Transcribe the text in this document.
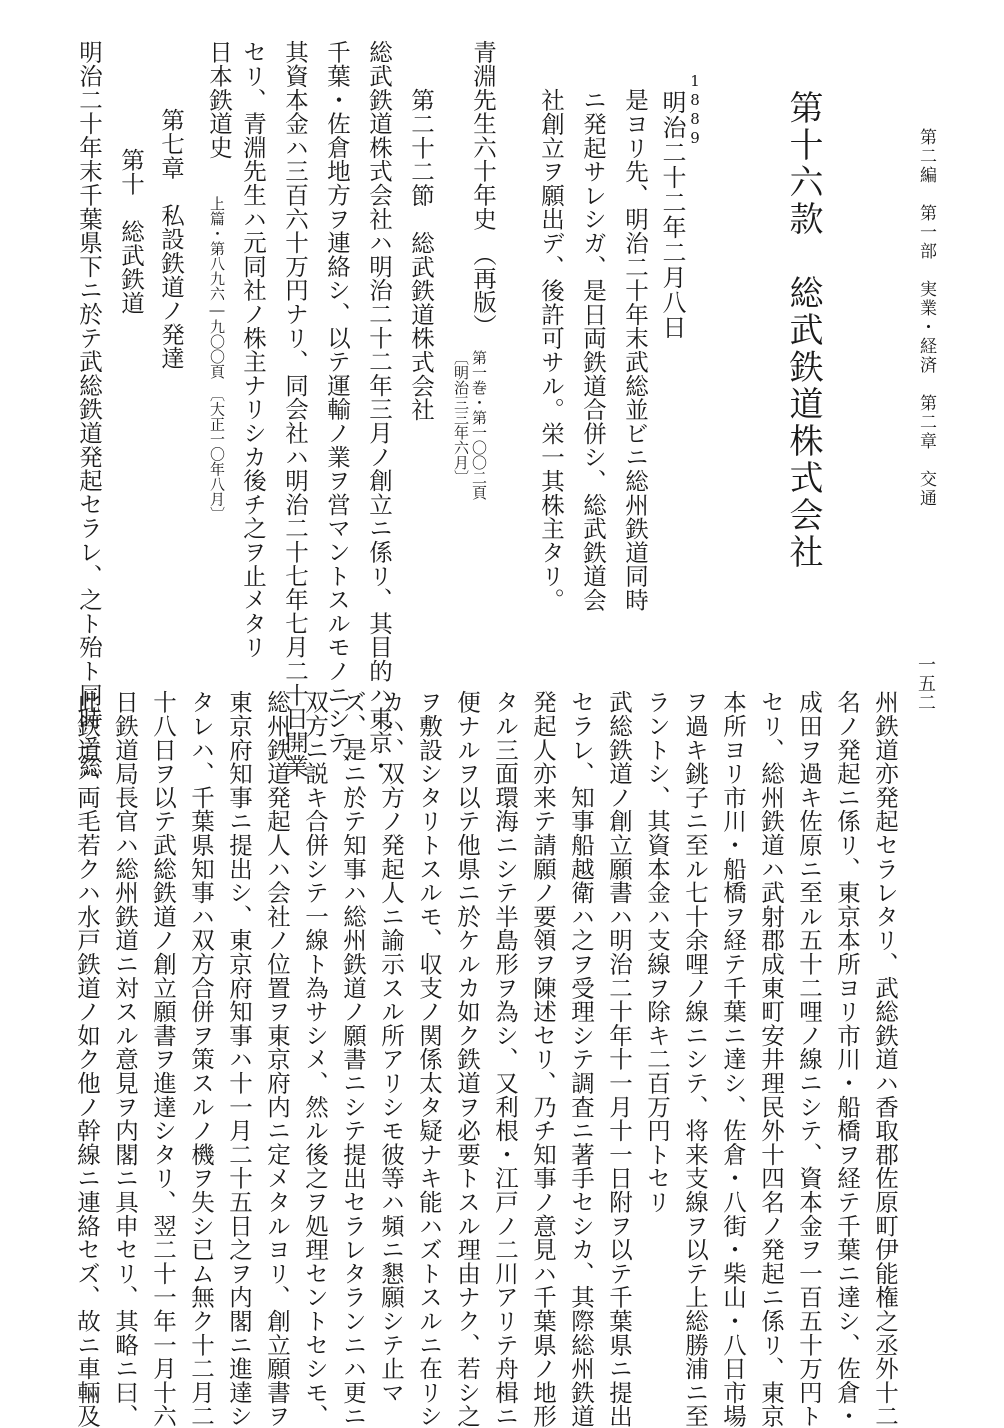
第二編　第一部　実業・経済　第二章　交通
一五二
第十六款　総武鉄道株式会社
1889
明治二十二年二月八日
是ヨリ先、明治二十年末武総並ビニ総州鉄道同時
ニ発起サレシガ、是日両鉄道合併シ、総武鉄道会
社創立ヲ願出デ、後許可サル。栄一其株主タリ。
青淵先生六十年史　（再版）
第一巻・第一〇〇二頁
〔明治三三年六月〕
第二十二節　総武鉄道株式会社
総武鉄道株式会社ハ明治二十二年三月ノ創立ニ係リ、其目的ハ東京・
千葉・佐倉地方ヲ連絡シ、以テ運輸ノ業ヲ営マントスルモノニシテ、
其資本金ハ三百六十万円ナリ、同会社ハ明治二十七年七月二十日開業
セリ、青淵先生ハ元同社ノ株主ナリシカ後チ之ヲ止メタリ
日本鉄道史
上篇・第八九六―九〇〇頁　〔大正一〇年八月〕
第七章　私設鉄道ノ発達
第十　総武鉄道
明治二十年末千葉県下ニ於テ武総鉄道発起セラレ、之ト殆ト同時ニ総
州鉄道亦発起セラレタリ、武総鉄道ハ香取郡佐原町伊能権之丞外十二
名ノ発起ニ係リ、東京本所ヨリ市川・船橋ヲ経テ千葉ニ達シ、佐倉・
成田ヲ過キ佐原ニ至ル五十二哩ノ線ニシテ、資本金ヲ一百五十万円ト
セリ、総州鉄道ハ武射郡成東町安井理民外十四名ノ発起ニ係リ、東京
本所ヨリ市川・船橋ヲ経テ千葉ニ達シ、佐倉・八街・柴山・八日市場
ヲ過キ銚子ニ至ル七十余哩ノ線ニシテ、将来支線ヲ以テ上総勝浦ニ至
ラントシ、其資本金ハ支線ヲ除キ二百万円トセリ
武総鉄道ノ創立願書ハ明治二十年十一月十一日附ヲ以テ千葉県ニ提出
セラレ、知事船越衛ハ之ヲ受理シテ調査ニ著手セシカ、其際総州鉄道
発起人亦来テ請願ノ要領ヲ陳述セリ、乃チ知事ノ意見ハ千葉県ノ地形
タル三面環海ニシテ半島形ヲ為シ、又利根・江戸ノ二川アリテ舟楫ニ
便ナルヲ以テ他県ニ於ケルカ如ク鉄道ヲ必要トスル理由ナク、若シ之
ヲ敷設シタリトスルモ、収支ノ関係太タ疑ナキ能ハズトスルニ在リシ
カハ、双方ノ発起人ニ諭示スル所アリシモ彼等ハ頻ニ懇願シテ止マ
ズ、是ニ於テ知事ハ総州鉄道ノ願書ニシテ提出セラレタランニハ更ニ
双方ニ説キ合併シテ一線ト為サシメ、然ル後之ヲ処理セントセシモ、
総州鉄道発起人ハ会社ノ位置ヲ東京府内ニ定メタルヨリ、創立願書ヲ
東京府知事ニ提出シ、東京府知事ハ十一月二十五日之ヲ内閣ニ進達シ
タレハ、千葉県知事ハ双方合併ヲ策スルノ機ヲ失シ已ム無ク十二月二
十八日ヲ以テ武総鉄道ノ創立願書ヲ進達シタリ、翌二十一年一月十六
日鉄道局長官ハ総州鉄道ニ対スル意見ヲ内閣ニ具申セリ、其略ニ曰、
此鉄道ハ両毛若クハ水戸鉄道ノ如ク他ノ幹線ニ連絡セズ、故ニ車輛及
